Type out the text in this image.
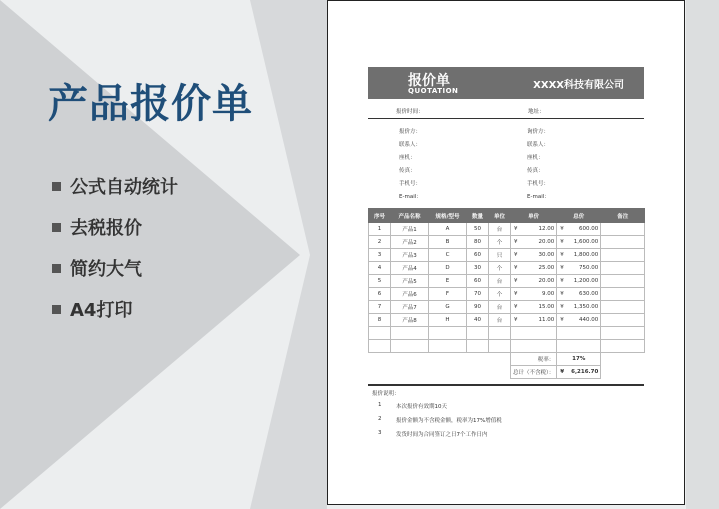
产品报价单
公式自动统计
去税报价
简约大气
A4打印
报价单
QUOTATION	XXXX科技有限公司
报价时间：	地址：
报价方：
联系人：
座机：
传真：
手机号：
E-mail：
询价方：
联系人：
座机：
传真：
手机号：
E-mail：
序号	产品名称	规格/型号	数量	单位	单价		总价		备注
1	产品1	A	50	台	¥	12.00	¥	600.00	
2	产品2	B	80	个	¥	20.00	¥	1,600.00	
3	产品3	C	60	只	¥	30.00	¥	1,800.00	
4	产品4	D	30	个	¥	25.00	¥	750.00	
5	产品5	E	60	台	¥	20.00	¥	1,200.00	
6	产品6	F	70	个	¥	9.00	¥	630.00	
7	产品7	G	90	台	¥	15.00	¥	1,350.00	
8	产品8	H	40	台	¥	11.00	¥	440.00	

					税率：		17%		
					总计（不含税）：		¥	6,216.70	
报价说明：
1	本次报价有效期10天
2	报价金额为不含税金额，税率为17%增值税
3	发货时间为合同签订之日7个工作日内
